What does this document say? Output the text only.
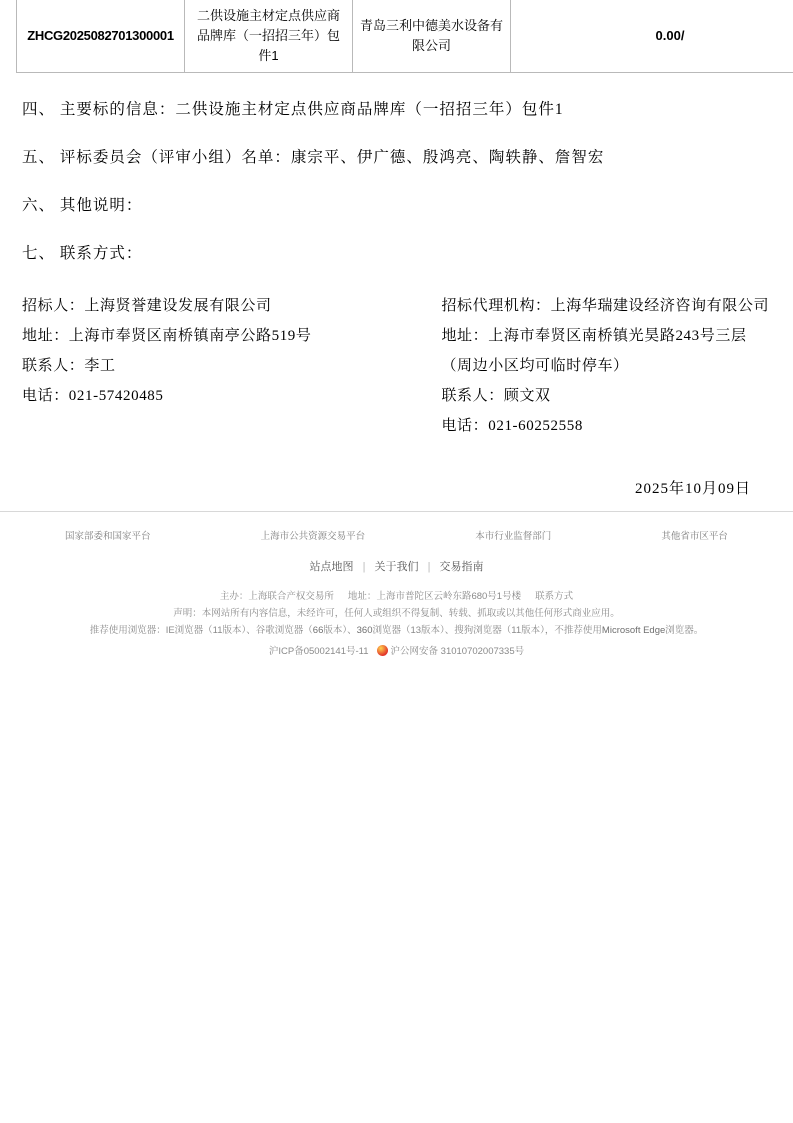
ZHCG2025082701300001	二供设施主材定点供应商品牌库（一招招三年）包件1	青岛三利中德美水设备有限公司	0.00/

四、 主要标的信息：二供设施主材定点供应商品牌库（一招招三年）包件1

五、 评标委员会（评审小组）名单：康宗平、伊广德、殷鸿亮、陶轶静、詹智宏

六、 其他说明：

七、 联系方式：

招标人：上海贤誉建设发展有限公司
地址：上海市奉贤区南桥镇南亭公路519号
联系人：李工
电话：021-57420485
招标代理机构：上海华瑞建设经济咨询有限公司
地址：上海市奉贤区南桥镇光昊路243号三层（周边小区均可临时停车）
联系人：顾文双
电话：021-60252558
2025年10月09日
国家部委和国家平台	上海市公共资源交易平台	本市行业监督部门	其他省市区平台
站点地图 | 关于我们 | 交易指南
主办：上海联合产权交易所 地址：上海市普陀区云岭东路680号1号楼 联系方式
声明：本网站所有内容信息，未经许可，任何人或组织不得复制、转载、抓取或以其他任何形式商业应用。
推荐使用浏览器：IE浏览器（11版本）、谷歌浏览器（66版本）、360浏览器（13版本）、搜狗浏览器（11版本），不推荐使用Microsoft Edge浏览器。
沪ICP备05002141号-11 沪公网安备 31010702007335号
